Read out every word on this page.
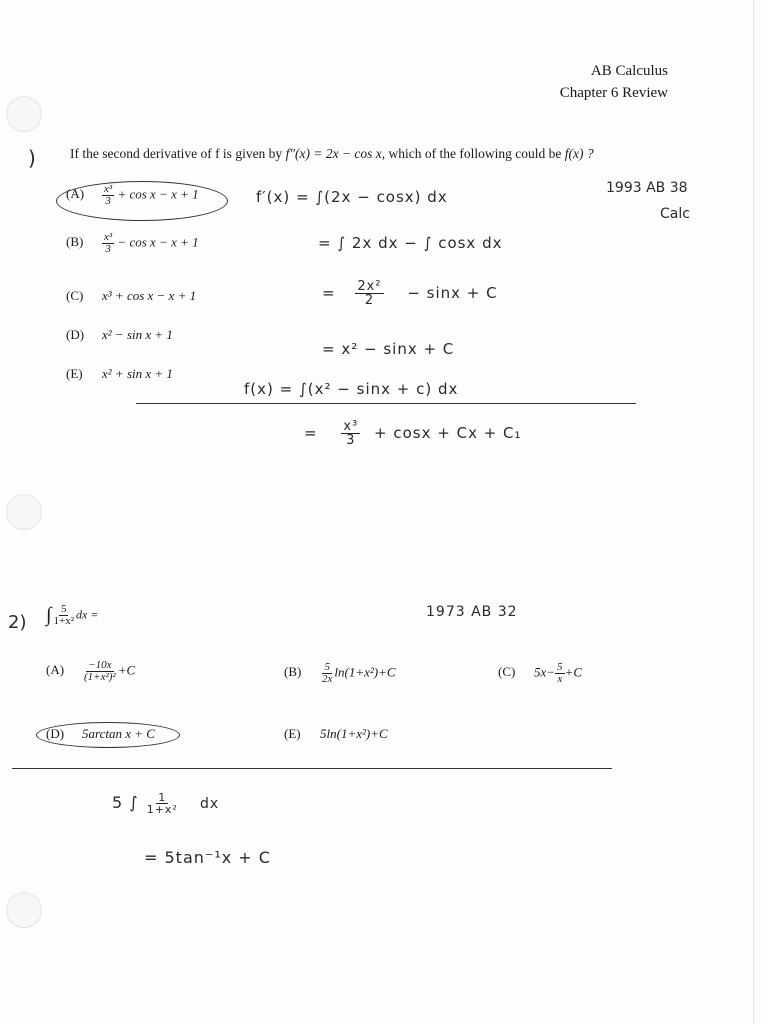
AB Calculus
Chapter 6 Review
)	If the second derivative of f is given by f"(x) = 2x − cos x, which of the following could be f(x) ?
1993 AB 38
Calc
$(A) \frac{\text{x³}}{3} + \cos x - x + 1$
$(B) \frac{\text{x³}}{3} - \cos x - x + 1$
(C) x³ + cos x − x + 1
(D) x² − sin x + 1
(E) x² + sin x + 1
f′(x) = ∫(2x − cosx) dx
= ∫ 2x dx − ∫ cosx dx
= $\frac{\text{2x²}}{2} - \sin x + C$
= x² − sinx + C
f(x) = ∫(x² − sinx + c) dx
= $\frac{\text{x³}}{3} + \cos x + Cx + C_1$
2) ∫ $\frac{5}{\text{1+x²}}$ dx =	1973 AB 32
$(A) \frac{-10x}{\text{(1+x²)²}} +C$	$(B) \frac{5}{2x} \ln(1+x^2)+C$	(C) $5x- \frac{5}{x} +C$
(D) 5arctan x + C	(E) 5ln(1+x²)+C
5 ∫ $\frac{1}{\text{1+x²}}$ dx
= 5tan⁻¹x + C
